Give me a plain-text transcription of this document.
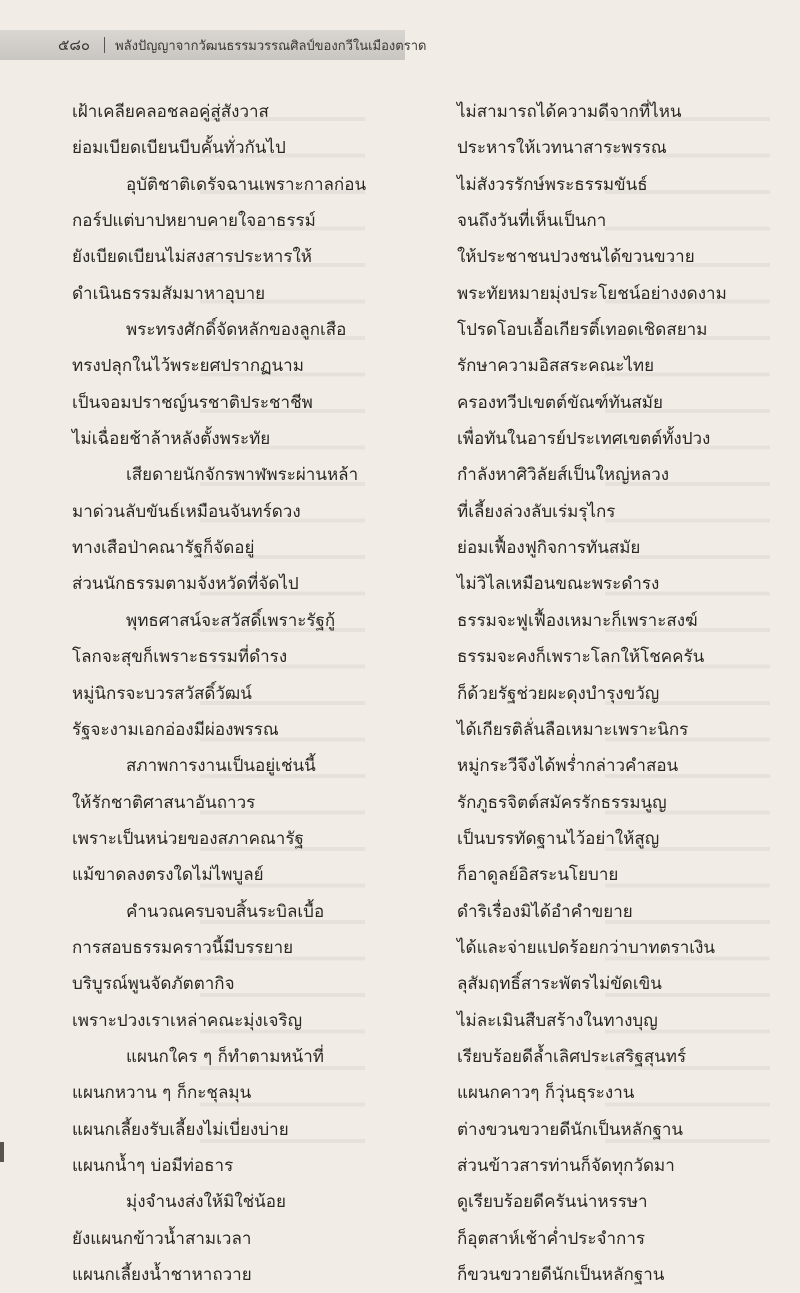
๕๘๐ พลังปัญญาจากวัฒนธรรมวรรณศิลป์ของกวีในเมืองตราด
เฝ้าเคลียคลอชลอคู่สู่สังวาส	ไม่สามารถได้ความดีจากที่ไหน
ย่อมเบียดเบียนบีบคั้นทั่วกันไป	ประหารให้เวทนาสาระพรรณ
อุบัติชาติเดรัจฉานเพราะกาลก่อน	ไม่สังวรรักษ์พระธรรมขันธ์
กอร์ปแต่บาปหยาบคายใจอาธรรม์	จนถึงวันที่เห็นเป็นกา
ยังเบียดเบียนไม่สงสารประหารให้	ให้ประชาชนปวงชนได้ขวนขวาย
ดำเนินธรรมสัมมาหาอุบาย	พระทัยหมายมุ่งประโยชน์อย่างงดงาม
พระทรงศักดิ์จัดหลักของลูกเสือ	โปรดโอบเอื้อเกียรติ์เทอดเชิดสยาม
ทรงปลุกในไว้พระยศปรากฏนาม	รักษาความอิสสระคณะไทย
เป็นจอมปราชญ์นรชาติประชาชีพ	ครองทวีปเขตต์ขัณฑ์ทันสมัย
ไม่เฉื่อยช้าล้าหลังตั้งพระทัย	เพื่อทันในอารย์ประเทศเขตต์ทั้งปวง
เสียดายนักจักรพาฬพระผ่านหล้า	กำลังหาศิวิลัยส์เป็นใหญ่หลวง
มาด่วนลับขันธ์เหมือนจันทร์ดวง	ที่เลี้ยงล่วงลับเร่มรุไกร
ทางเสือป่าคณารัฐก็จัดอยู่	ย่อมเฟื้องฟูกิจการทันสมัย
ส่วนนักธรรมตามจังหวัดที่จัดไป	ไม่วิไลเหมือนขณะพระดำรง
พุทธศาสน์จะสวัสดิ์เพราะรัฐกู้	ธรรมจะฟูเฟื้องเหมาะก็เพราะสงฆ์
โลกจะสุขก็เพราะธรรมที่ดำรง	ธรรมจะคงก็เพราะโลกให้โชคครัน
หมู่นิกรจะบวรสวัสดิ์วัฒน์	ก็ด้วยรัฐช่วยผะดุงบำรุงขวัญ
รัฐจะงามเอกอ่องมีผ่องพรรณ	ได้เกียรติลั่นลือเหมาะเพราะนิกร
สภาพการงานเป็นอยู่เช่นนี้	หมู่กระวีจึงได้พร่ำกล่าวคำสอน
ให้รักชาติศาสนาอันถาวร	รักภูธรจิตต์สมัครรักธรรมนูญ
เพราะเป็นหน่วยของสภาคณารัฐ	เป็นบรรทัดฐานไว้อย่าให้สูญ
แม้ขาดลงตรงใดไม่ไพบูลย์	ก็อาดูลย์อิสระนโยบาย
คำนวณครบจบสิ้นระบิลเบื้อ	ดำริเรื่องมิได้อำคำขยาย
การสอบธรรมคราวนี้มีบรรยาย	ได้และจ่ายแปดร้อยกว่าบาทตราเงิน
บริบูรณ์พูนจัดภัตตากิจ	ลุสัมฤทธิ์สาระพัตรไม่ขัดเขิน
เพราะปวงเราเหล่าคณะมุ่งเจริญ	ไม่ละเมินสืบสร้างในทางบุญ
แผนกใคร ๆ ก็ทำตามหน้าที่	เรียบร้อยดีล้ำเลิศประเสริฐสุนทร์
แผนกหวาน ๆ ก็กะชุลมุน	แผนกคาวๆ ก็วุ่นธุระงาน
แผนกเลี้ยงรับเลี้ยงไม่เบี่ยงบ่าย	ต่างขวนขวายดีนักเป็นหลักฐาน
แผนกน้ำๆ บ่อมีท่อธาร	ส่วนข้าวสารท่านก็จัดทุกวัดมา
มุ่งจำนงส่งให้มิใช่น้อย	ดูเรียบร้อยดีครันน่าหรรษา
ยังแผนกข้าวน้ำสามเวลา	ก็อุตสาห์เช้าค่ำประจำการ
แผนกเลี้ยงน้ำชาหาถวาย	ก็ขวนขวายดีนักเป็นหลักฐาน
